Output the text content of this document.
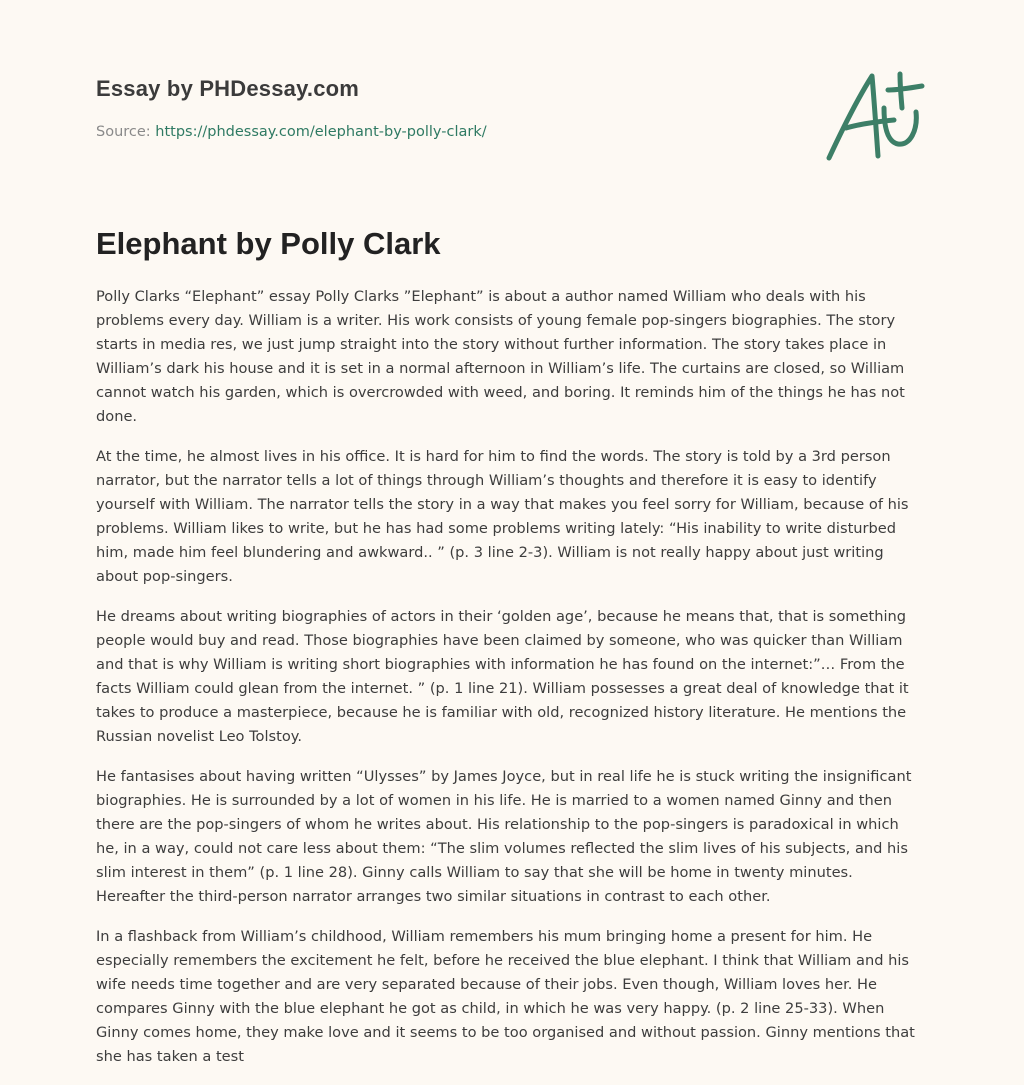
Essay by PHDessay.com
Source: https://phdessay.com/elephant-by-polly-clark/
Elephant by Polly Clark

Polly Clarks “Elephant” essay Polly Clarks ”Elephant” is about a author named William who deals with his problems every day. William is a writer. His work consists of young female pop-singers biographies. The story starts in media res, we just jump straight into the story without further information. The story takes place in William’s dark his house and it is set in a normal afternoon in William’s life. The curtains are closed, so William cannot watch his garden, which is overcrowded with weed, and boring. It reminds him of the things he has not done.

At the time, he almost lives in his office. It is hard for him to find the words. The story is told by a 3rd person narrator, but the narrator tells a lot of things through William’s thoughts and therefore it is easy to identify yourself with William. The narrator tells the story in a way that makes you feel sorry for William, because of his problems. William likes to write, but he has had some problems writing lately: “His inability to write disturbed him, made him feel blundering and awkward.. ” (p. 3 line 2-3). William is not really happy about just writing about pop-singers.

He dreams about writing biographies of actors in their ‘golden age’, because he means that, that is something people would buy and read. Those biographies have been claimed by someone, who was quicker than William and that is why William is writing short biographies with information he has found on the internet:”… From the facts William could glean from the internet. ” (p. 1 line 21). William possesses a great deal of knowledge that it takes to produce a masterpiece, because he is familiar with old, recognized history literature. He mentions the Russian novelist Leo Tolstoy.

He fantasises about having written “Ulysses” by James Joyce, but in real life he is stuck writing the insignificant biographies. He is surrounded by a lot of women in his life. He is married to a women named Ginny and then there are the pop-singers of whom he writes about. His relationship to the pop-singers is paradoxical in which he, in a way, could not care less about them: “The slim volumes reflected the slim lives of his subjects, and his slim interest in them” (p. 1 line 28). Ginny calls William to say that she will be home in twenty minutes. Hereafter the third-person narrator arranges two similar situations in contrast to each other.

In a flashback from William’s childhood, William remembers his mum bringing home a present for him. He especially remembers the excitement he felt, before he received the blue elephant. I think that William and his wife needs time together and are very separated because of their jobs. Even though, William loves her. He compares Ginny with the blue elephant he got as child, in which he was very happy. (p. 2 line 25-33). When Ginny comes home, they make love and it seems to be too organised and without passion. Ginny mentions that she has taken a test
